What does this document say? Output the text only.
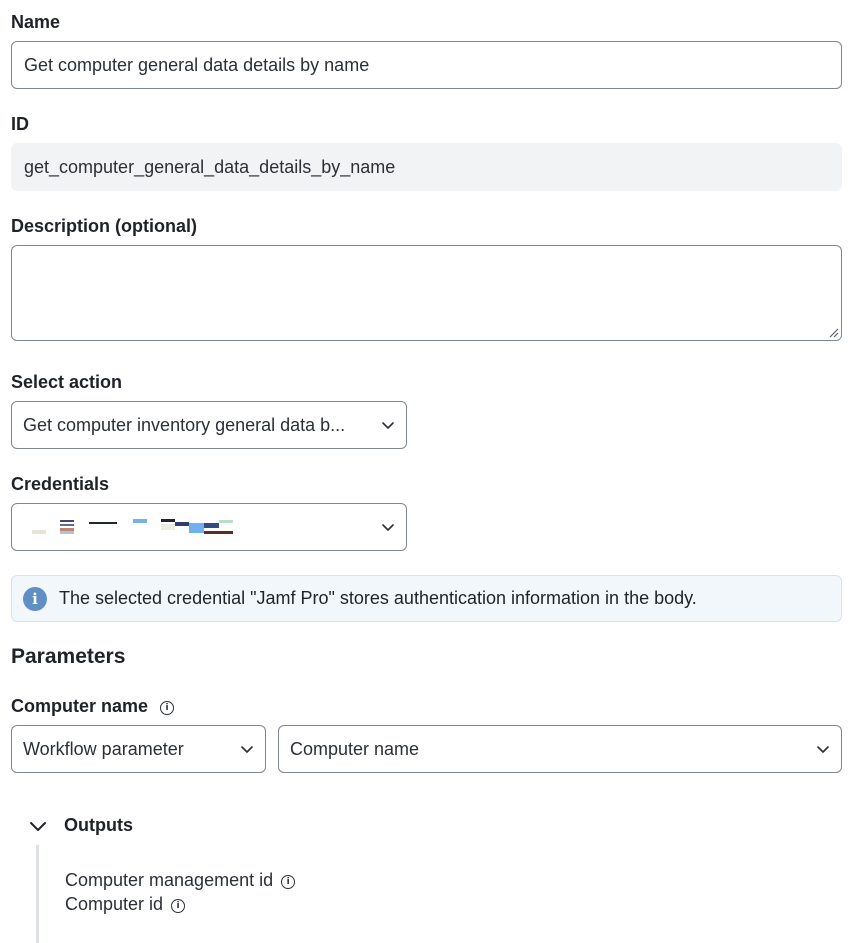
Name
Get computer general data details by name
ID
get_computer_general_data_details_by_name
Description (optional)
Select action
Get computer inventory general data b...
Credentials
i	The selected credential "Jamf Pro" stores authentication information in the body.
Parameters
Computer name i
Workflow parameter	Computer name
Outputs
Computer management id i
Computer id i
